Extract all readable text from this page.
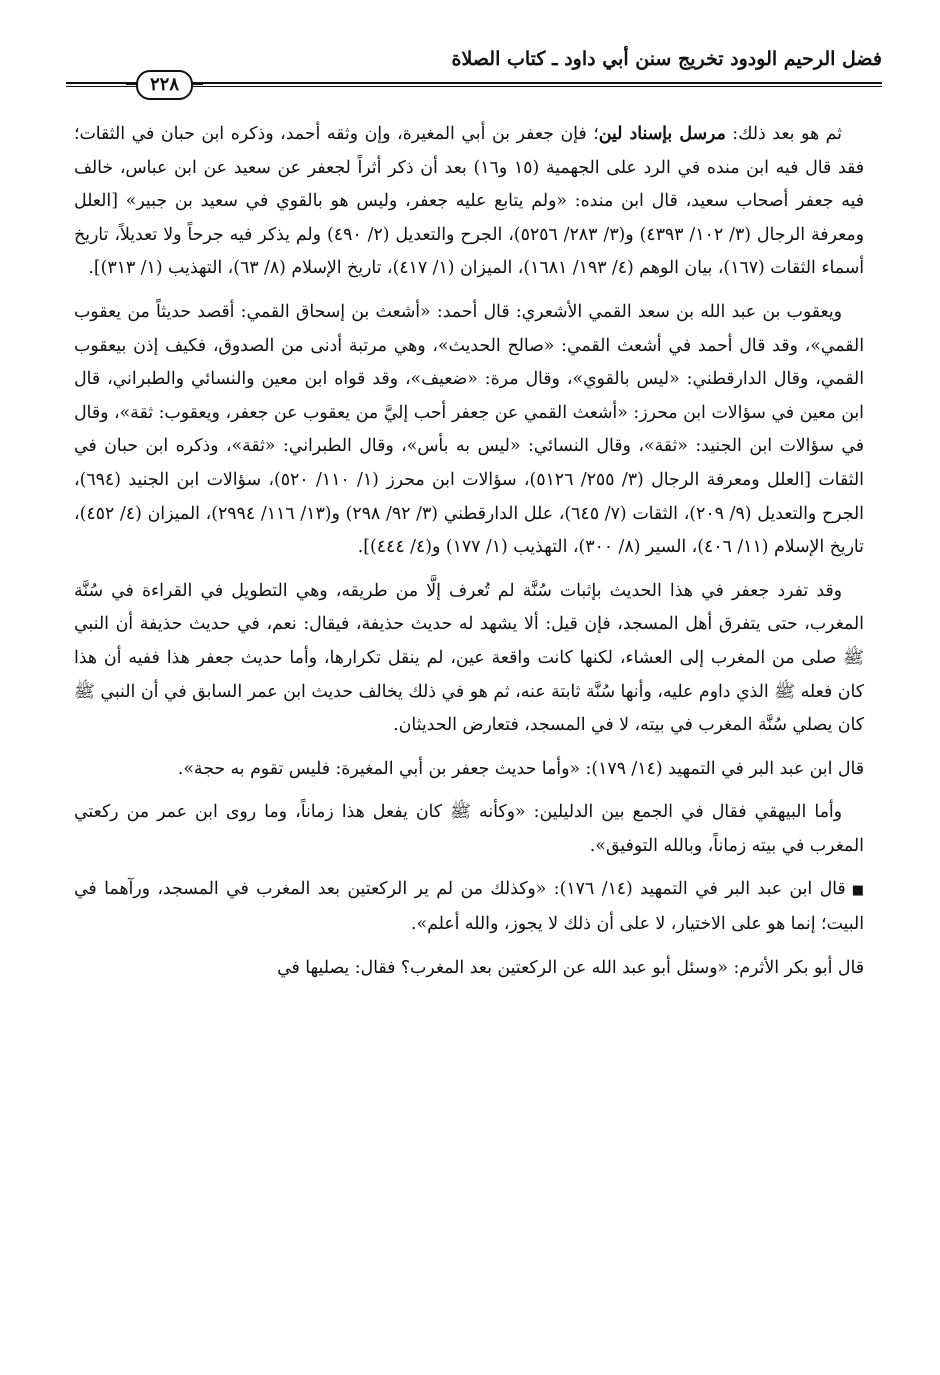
فضل الرحيم الودود تخريج سنن أبي داود ـ كتاب الصلاة
٢٢٨

ثم هو بعد ذلك: مرسل بإسناد لين؛ فإن جعفر بن أبي المغيرة، وإن وثقه أحمد، وذكره ابن حبان في الثقات؛ فقد قال فيه ابن منده في الرد على الجهمية (١٥ و١٦) بعد أن ذكر أثراً لجعفر عن سعيد عن ابن عباس، خالف فيه جعفر أصحاب سعيد، قال ابن منده: «ولم يتابع عليه جعفر، وليس هو بالقوي في سعيد بن جبير» [العلل ومعرفة الرجال (٣/ ١٠٢/ ٤٣٩٣) و(٣/ ٢٨٣/ ٥٢٥٦)، الجرح والتعديل (٢/ ٤٩٠) ولم يذكر فيه جرحاً ولا تعديلاً، تاريخ أسماء الثقات (١٦٧)، بيان الوهم (٤/ ١٩٣/ ١٦٨١)، الميزان (١/ ٤١٧)، تاريخ الإسلام (٨/ ٦٣)، التهذيب (١/ ٣١٣)].

ويعقوب بن عبد الله بن سعد القمي الأشعري: قال أحمد: «أشعث بن إسحاق القمي: أقصد حديثاً من يعقوب القمي»، وقد قال أحمد في أشعث القمي: «صالح الحديث»، وهي مرتبة أدنى من الصدوق، فكيف إذن بيعقوب القمي، وقال الدارقطني: «ليس بالقوي»، وقال مرة: «ضعيف»، وقد قواه ابن معين والنسائي والطبراني، قال ابن معين في سؤالات ابن محرز: «أشعث القمي عن جعفر أحب إليَّ من يعقوب عن جعفر، ويعقوب: ثقة»، وقال في سؤالات ابن الجنيد: «ثقة»، وقال النسائي: «ليس به بأس»، وقال الطبراني: «ثقة»، وذكره ابن حبان في الثقات [العلل ومعرفة الرجال (٣/ ٢٥٥/ ٥١٢٦)، سؤالات ابن محرز (١/ ١١٠/ ٥٢٠)، سؤالات ابن الجنيد (٦٩٤)، الجرح والتعديل (٩/ ٢٠٩)، الثقات (٧/ ٦٤٥)، علل الدارقطني (٣/ ٩٢/ ٢٩٨) و(١٣/ ١١٦/ ٢٩٩٤)، الميزان (٤/ ٤٥٢)، تاريخ الإسلام (١١/ ٤٠٦)، السير (٨/ ٣٠٠)، التهذيب (١/ ١٧٧) و(٤/ ٤٤٤)].

وقد تفرد جعفر في هذا الحديث بإثبات سُنَّة لم تُعرف إلَّا من طريقه، وهي التطويل في القراءة في سُنَّة المغرب، حتى يتفرق أهل المسجد، فإن قيل: ألا يشهد له حديث حذيفة، فيقال: نعم، في حديث حذيفة أن النبي ﷺ صلى من المغرب إلى العشاء، لكنها كانت واقعة عين، لم ينقل تكرارها، وأما حديث جعفر هذا ففيه أن هذا كان فعله ﷺ الذي داوم عليه، وأنها سُنَّة ثابتة عنه، ثم هو في ذلك يخالف حديث ابن عمر السابق في أن النبي ﷺ كان يصلي سُنَّة المغرب في بيته، لا في المسجد، فتعارض الحديثان.

قال ابن عبد البر في التمهيد (١٤/ ١٧٩): «وأما حديث جعفر بن أبي المغيرة: فليس تقوم به حجة».

وأما البيهقي فقال في الجمع بين الدليلين: «وكأنه ﷺ كان يفعل هذا زماناً، وما روى ابن عمر من ركعتي المغرب في بيته زماناً، وبالله التوفيق».

■قال ابن عبد البر في التمهيد (١٤/ ١٧٦): «وكذلك من لم ير الركعتين بعد المغرب في المسجد، ورآهما في البيت؛ إنما هو على الاختيار، لا على أن ذلك لا يجوز، والله أعلم».

قال أبو بكر الأثرم: «وسئل أبو عبد الله عن الركعتين بعد المغرب؟ فقال: يصليها في
